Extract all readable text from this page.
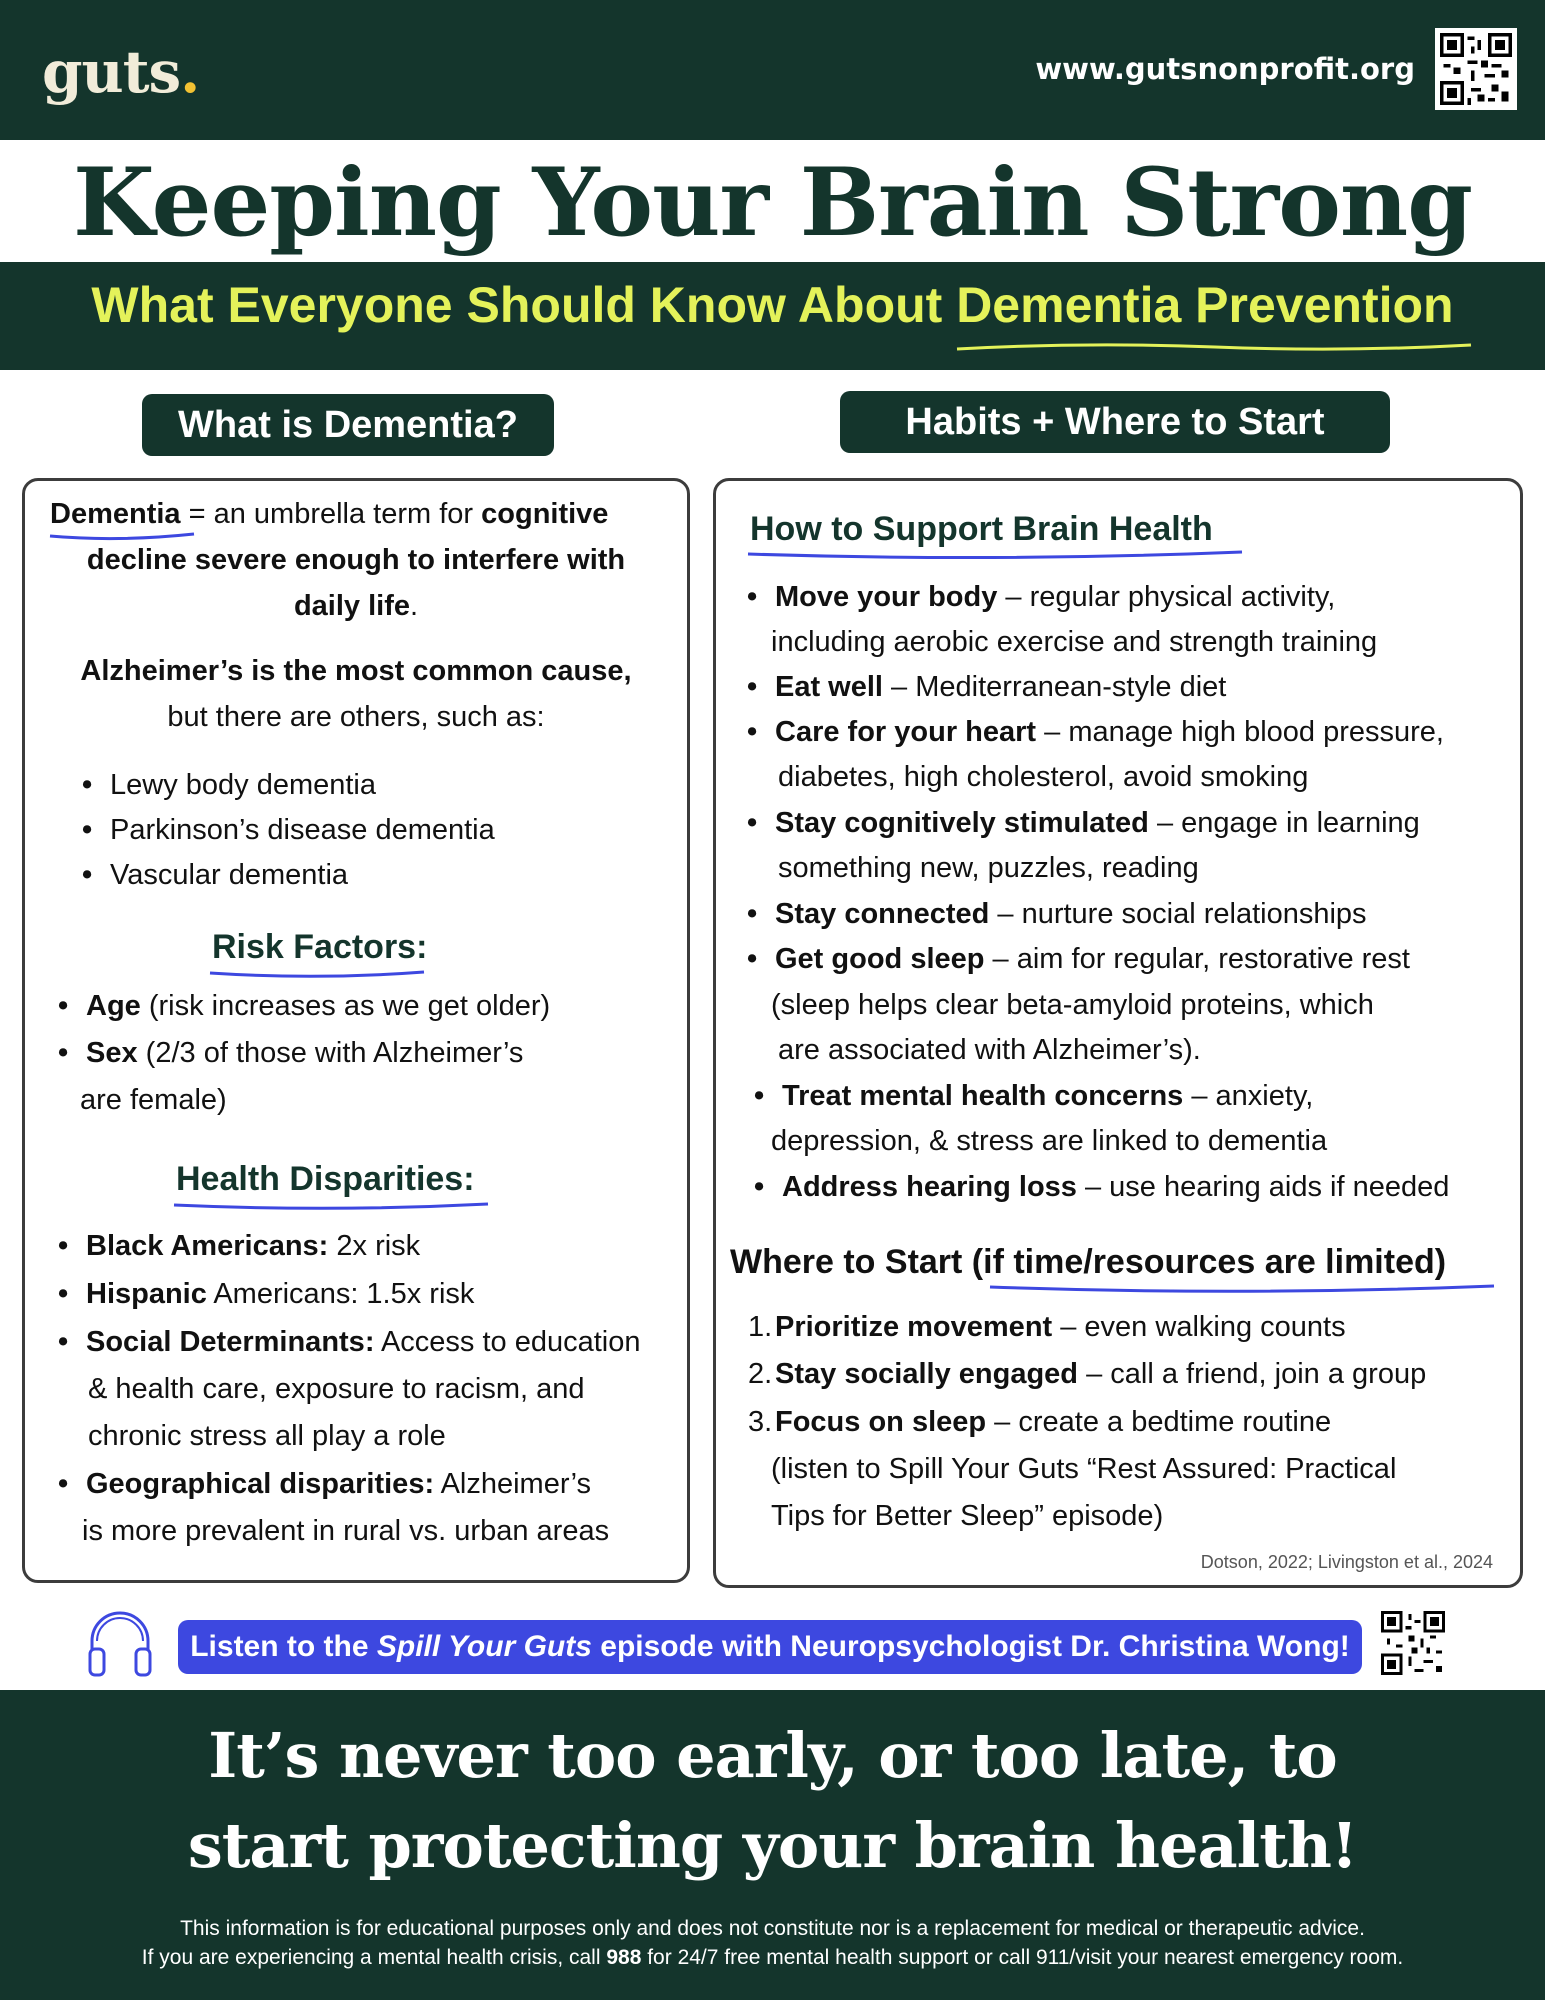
guts.	www.gutsnonprofit.org
Keeping Your Brain Strong
What Everyone Should Know About Dementia Prevention
What is Dementia?	Habits + Where to Start
Dementia = an umbrella term for cognitive
decline severe enough to interfere with
daily life.
Alzheimer’s is the most common cause,
but there are others, such as:
• Lewy body dementia
• Parkinson’s disease dementia
• Vascular dementia
Risk Factors:
• Age (risk increases as we get older)
• Sex (2/3 of those with Alzheimer’s
are female)
Health Disparities:
• Black Americans: 2x risk
• Hispanic Americans: 1.5x risk
• Social Determinants: Access to education
& health care, exposure to racism, and
chronic stress all play a role
• Geographical disparities: Alzheimer’s
is more prevalent in rural vs. urban areas
How to Support Brain Health
• Move your body – regular physical activity,
including aerobic exercise and strength training
• Eat well – Mediterranean-style diet
• Care for your heart – manage high blood pressure,
diabetes, high cholesterol, avoid smoking
• Stay cognitively stimulated – engage in learning
something new, puzzles, reading
• Stay connected – nurture social relationships
• Get good sleep – aim for regular, restorative rest
(sleep helps clear beta-amyloid proteins, which
are associated with Alzheimer’s).
• Treat mental health concerns – anxiety,
depression, & stress are linked to dementia
• Address hearing loss – use hearing aids if needed
Where to Start (if time/resources are limited)
1. Prioritize movement – even walking counts
2. Stay socially engaged – call a friend, join a group
3. Focus on sleep – create a bedtime routine
(listen to Spill Your Guts “Rest Assured: Practical
Tips for Better Sleep” episode)
Dotson, 2022; Livingston et al., 2024
Listen to the Spill Your Guts episode with Neuropsychologist Dr. Christina Wong!
It’s never too early, or too late, to
start protecting your brain health!
This information is for educational purposes only and does not constitute nor is a replacement for medical or therapeutic advice.
If you are experiencing a mental health crisis, call 988 for 24/7 free mental health support or call 911/visit your nearest emergency room.
